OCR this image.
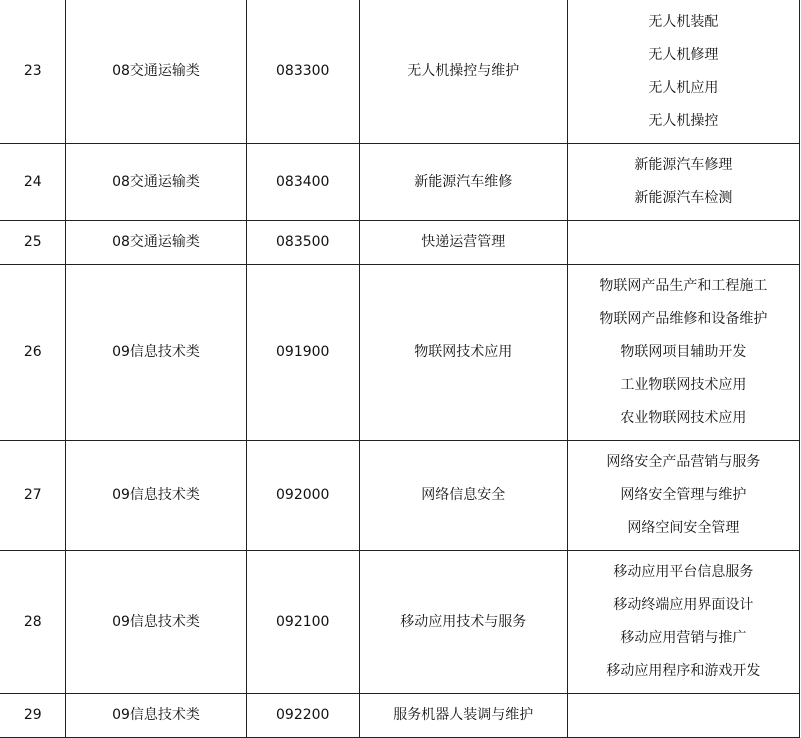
23	08交通运输类	083300	无人机操控与维护	无人机装配
无人机修理
无人机应用
无人机操控

24	08交通运输类	083400	新能源汽车维修	新能源汽车修理
新能源汽车检测

25	08交通运输类	083500	快递运营管理	
26	09信息技术类	091900	物联网技术应用	物联网产品生产和工程施工
物联网产品维修和设备维护
物联网项目辅助开发
工业物联网技术应用
农业物联网技术应用

27	09信息技术类	092000	网络信息安全	网络安全产品营销与服务
网络安全管理与维护
网络空间安全管理

28	09信息技术类	092100	移动应用技术与服务	移动应用平台信息服务
移动终端应用界面设计
移动应用营销与推广
移动应用程序和游戏开发

29	09信息技术类	092200	服务机器人装调与维护	
